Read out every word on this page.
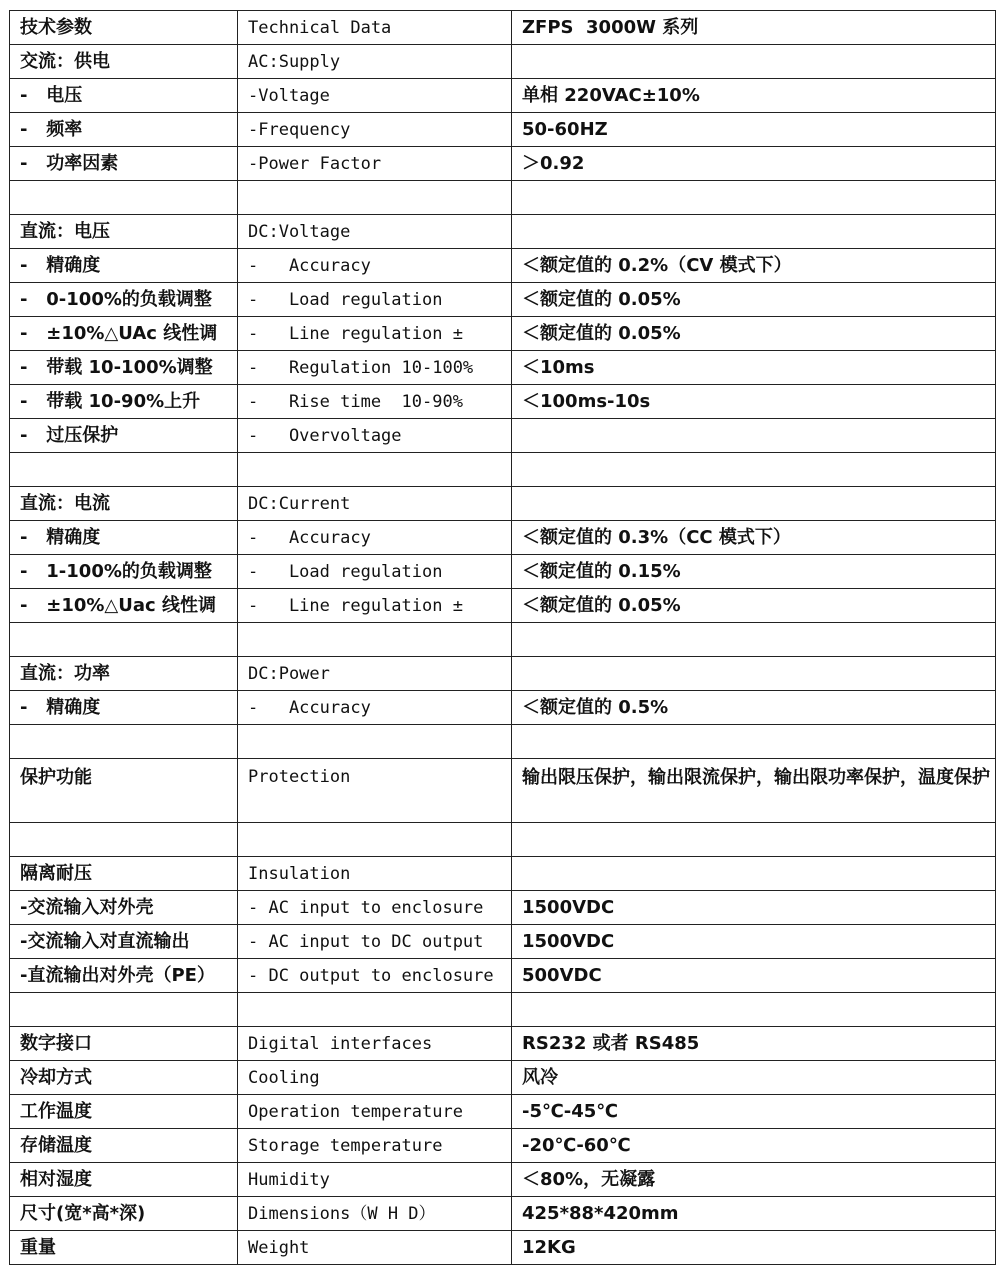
技术参数	Technical Data	ZFPS  3000W 系列
交流：供电	AC:Supply	
-   电压	-Voltage	单相 220VAC±10%
-   频率	-Frequency	50-60HZ
-   功率因素	-Power Factor	＞0.92

直流：电压	DC:Voltage	
-   精确度	-   Accuracy	＜额定值的 0.2%（CV 模式下）
-   0-100%的负载调整	-   Load regulation	＜额定值的 0.05%
-   ±10%△UAc 线性调	-   Line regulation ±	＜额定值的 0.05%
-   带载 10-100%调整	-   Regulation 10-100%	＜10ms
-   带载 10-90%上升	-   Rise time  10-90%	＜100ms-10s
-   过压保护	-   Overvoltage	

直流：电流	DC:Current	
-   精确度	-   Accuracy	＜额定值的 0.3%（CC 模式下）
-   1-100%的负载调整	-   Load regulation	＜额定值的 0.15%
-   ±10%△Uac 线性调	-   Line regulation ±	＜额定值的 0.05%

直流：功率	DC:Power	
-   精确度	-   Accuracy	＜额定值的 0.5%

保护功能	Protection	输出限压保护，输出限流保护，输出限功率保护，温度保护

隔离耐压	Insulation	
-交流输入对外壳	- AC input to enclosure	1500VDC
-交流输入对直流输出	- AC input to DC output	1500VDC
-直流输出对外壳（PE）	- DC output to enclosure	500VDC

数字接口	Digital interfaces	RS232 或者 RS485
冷却方式	Cooling	风冷
工作温度	Operation temperature	-5℃-45℃
存储温度	Storage temperature	-20℃-60℃
相对湿度	Humidity	＜80%，无凝露
尺寸(宽*高*深)	Dimensions（W H D）	425*88*420mm
重量	Weight	12KG
